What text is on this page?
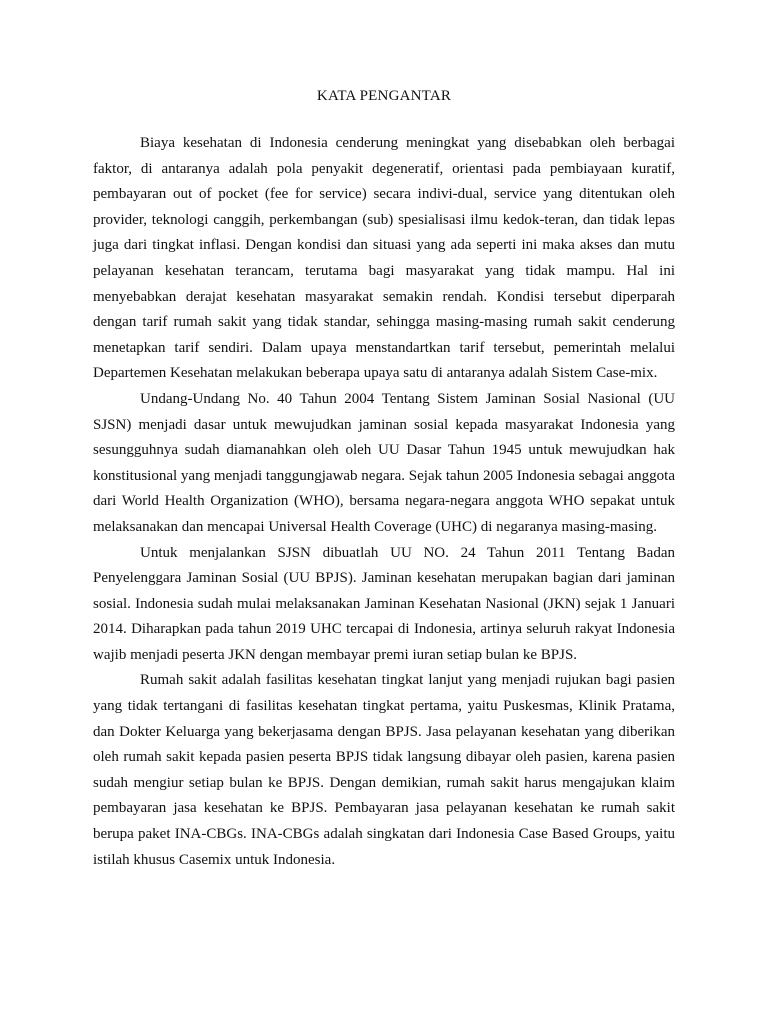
KATA PENGANTAR

Biaya kesehatan di Indonesia cenderung meningkat yang disebabkan oleh berbagai faktor, di antaranya adalah pola penyakit degeneratif, orientasi pada pembiayaan kuratif, pembayaran out of pocket (fee for service) secara indivi-dual, service yang ditentukan oleh provider, teknologi canggih, perkembangan (sub) spesialisasi ilmu kedok-teran, dan tidak lepas juga dari tingkat inflasi. Dengan kondisi dan situasi yang ada seperti ini maka akses dan mutu pelayanan kesehatan terancam, terutama bagi masyarakat yang tidak mampu. Hal ini menyebabkan derajat kesehatan masyarakat semakin rendah. Kondisi tersebut diperparah dengan tarif rumah sakit yang tidak standar, sehingga masing-masing rumah sakit cenderung menetapkan tarif sendiri. Dalam upaya menstandartkan tarif tersebut, pemerintah melalui Departemen Kesehatan melakukan beberapa upaya satu di antaranya adalah Sistem Case-mix.

Undang-Undang No. 40 Tahun 2004 Tentang Sistem Jaminan Sosial Nasional (UU SJSN) menjadi dasar untuk mewujudkan jaminan sosial kepada masyarakat Indonesia yang sesungguhnya sudah diamanahkan oleh oleh UU Dasar Tahun 1945 untuk mewujudkan hak konstitusional yang menjadi tanggungjawab negara. Sejak tahun 2005 Indonesia sebagai anggota dari World Health Organization (WHO), bersama negara-negara anggota WHO sepakat untuk melaksanakan dan mencapai Universal Health Coverage (UHC) di negaranya masing-masing.

Untuk menjalankan SJSN dibuatlah UU NO. 24 Tahun 2011 Tentang Badan Penyelenggara Jaminan Sosial (UU BPJS). Jaminan kesehatan merupakan bagian dari jaminan sosial. Indonesia sudah mulai melaksanakan Jaminan Kesehatan Nasional (JKN) sejak 1 Januari 2014. Diharapkan pada tahun 2019 UHC tercapai di Indonesia, artinya seluruh rakyat Indonesia wajib menjadi peserta JKN dengan membayar premi iuran setiap bulan ke BPJS.

Rumah sakit adalah fasilitas kesehatan tingkat lanjut yang menjadi rujukan bagi pasien yang tidak tertangani di fasilitas kesehatan tingkat pertama, yaitu Puskesmas, Klinik Pratama, dan Dokter Keluarga yang bekerjasama dengan BPJS. Jasa pelayanan kesehatan yang diberikan oleh rumah sakit kepada pasien peserta BPJS tidak langsung dibayar oleh pasien, karena pasien sudah mengiur setiap bulan ke BPJS. Dengan demikian, rumah sakit harus mengajukan klaim pembayaran jasa kesehatan ke BPJS. Pembayaran jasa pelayanan kesehatan ke rumah sakit berupa paket INA-CBGs. INA-CBGs adalah singkatan dari Indonesia Case Based Groups, yaitu istilah khusus Casemix untuk Indonesia.
